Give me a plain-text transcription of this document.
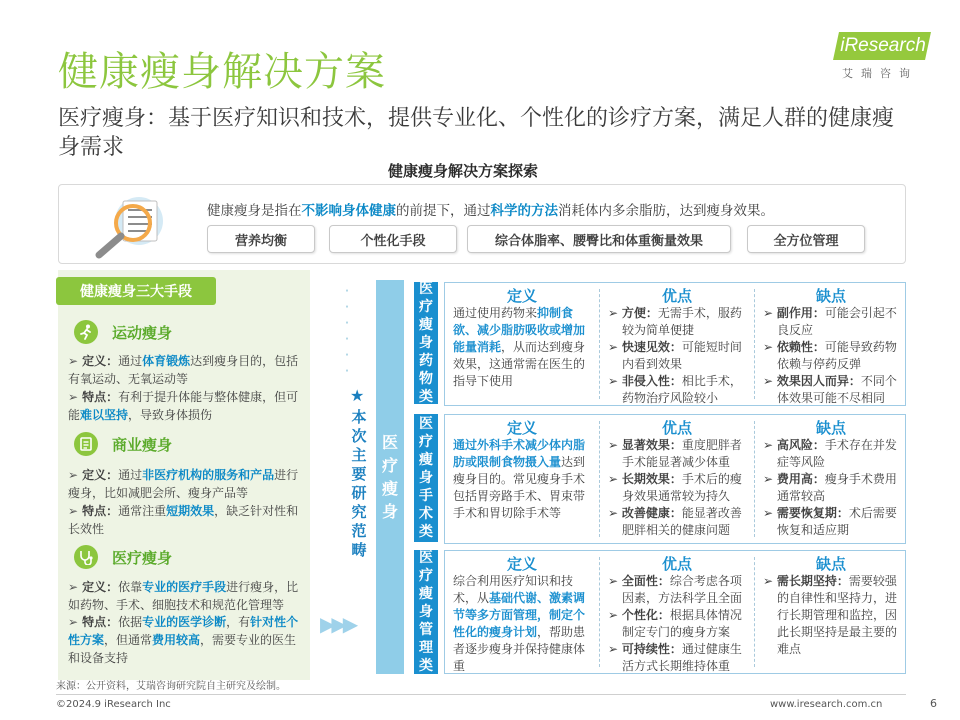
健康瘦身解决方案
iResearch
艾瑞咨询
医疗瘦身：基于医疗知识和技术，提供专业化、个性化的诊疗方案，满足人群的健康瘦身需求
健康瘦身解决方案探索
健康瘦身是指在不影响身体健康的前提下，通过科学的方法消耗体内多余脂肪，达到瘦身效果。
营养均衡	个性化手段	综合体脂率、腰臀比和体重衡量效果	全方位管理
健康瘦身三大手段
运动瘦身
➢ 定义：通过体育锻炼达到瘦身目的，包括有氧运动、无氧运动等
➢ 特点：有利于提升体能与整体健康，但可能难以坚持，导致身体损伤
商业瘦身
➢ 定义：通过非医疗机构的服务和产品进行瘦身，比如减肥会所、瘦身产品等
➢ 特点：通常注重短期效果，缺乏针对性和长效性
医疗瘦身
➢ 定义：依靠专业的医疗手段进行瘦身，比如药物、手术、细胞技术和规范化管理等
➢ 特点：依据专业的医学诊断，有针对性个性方案，但通常费用较高，需要专业的医生和设备支持
·
·
·
·
·
·
★
本次主要研究范畴
▶▶▶
医疗瘦身
医疗瘦身药物类
定义
通过使用药物来抑制食欲、减少脂肪吸收或增加能量消耗，从而达到瘦身效果，这通常需在医生的指导下使用
优点
➢ 方便：无需手术，服药较为简单便捷
➢ 快速见效：可能短时间内看到效果
➢ 非侵入性：相比手术，药物治疗风险较小
缺点
➢ 副作用：可能会引起不良反应
➢ 依赖性：可能导致药物依赖与停药反弹
➢ 效果因人而异：不同个体效果可能不尽相同
医疗瘦身手术类
定义
通过外科手术减少体内脂肪或限制食物摄入量达到瘦身目的。常见瘦身手术包括胃旁路手术、胃束带手术和胃切除手术等
优点
➢ 显著效果：重度肥胖者手术能显著减少体重
➢ 长期效果：手术后的瘦身效果通常较为持久
➢ 改善健康：能显著改善肥胖相关的健康问题
缺点
➢ 高风险：手术存在并发症等风险
➢ 费用高：瘦身手术费用通常较高
➢ 需要恢复期：术后需要恢复和适应期
医疗瘦身管理类
定义
综合利用医疗知识和技术，从基础代谢、激素调节等多方面管理，制定个性化的瘦身计划，帮助患者逐步瘦身并保持健康体重
优点
➢ 全面性：综合考虑各项因素，方法科学且全面
➢ 个性化：根据具体情况制定专门的瘦身方案
➢ 可持续性：通过健康生活方式长期维持体重
缺点
➢ 需长期坚持：需要较强的自律性和坚持力，进行长期管理和监控，因此长期坚持是最主要的难点
来源：公开资料，艾瑞咨询研究院自主研究及绘制。
©2024.9 iResearch Inc	www.iresearch.com.cn	6
